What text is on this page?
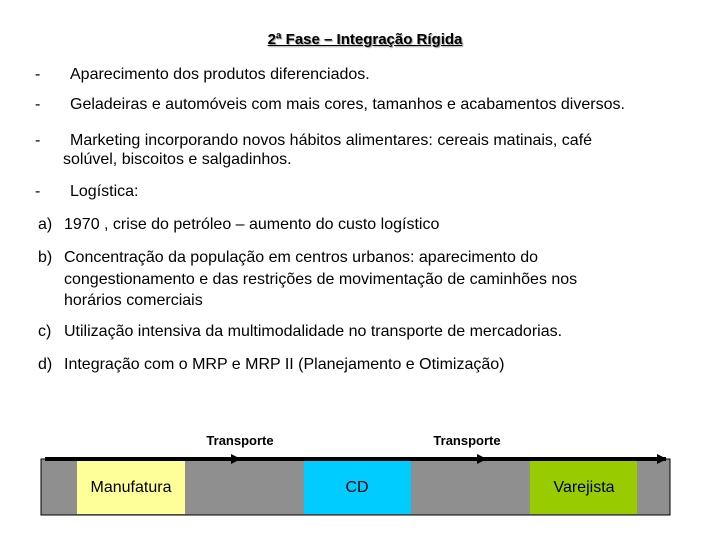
2ª Fase – Integração Rígida
- Aparecimento dos produtos diferenciados.
- Geladeiras e automóveis com mais cores, tamanhos e acabamentos diversos.
- Marketing incorporando novos hábitos alimentares: cereais matinais, café
solúvel, biscoitos e salgadinhos.
- Logística:
a) 1970 , crise do petróleo – aumento do custo logístico
b) Concentração da população em centros urbanos: aparecimento do
congestionamento e das restrições de movimentação de caminhões nos
horários comerciais
c) Utilização intensiva da multimodalidade no transporte de mercadorias.
d) Integração com o MRP e MRP II (Planejamento e Otimização)
Transporte	Transporte
Manufatura	CD	Varejista
